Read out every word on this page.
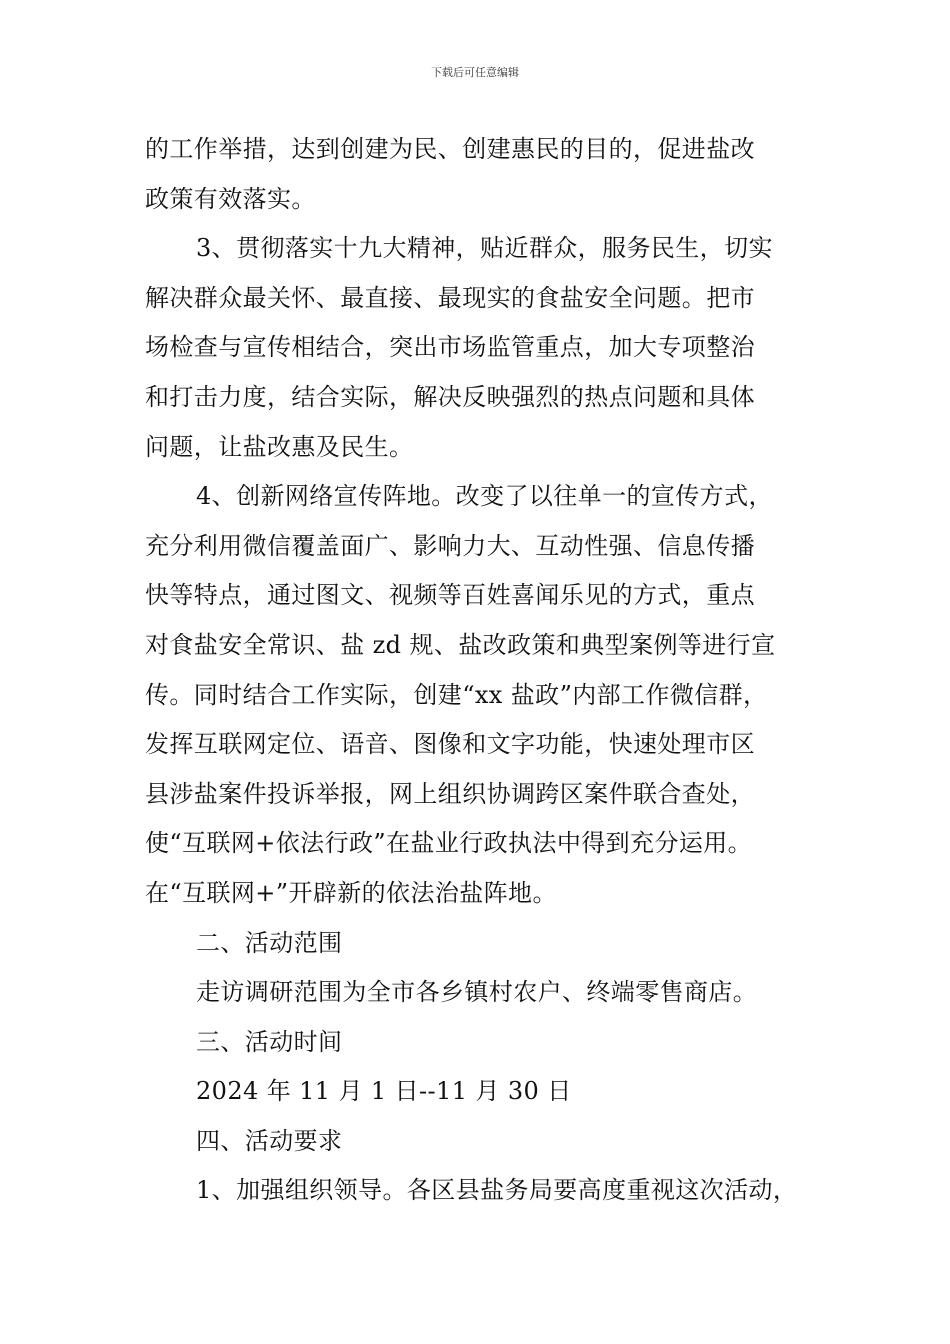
下载后可任意编辑
的工作举措，达到创建为民、创建惠民的目的，促进盐改
政策有效落实。
3、贯彻落实十九大精神，贴近群众，服务民生，切实
解决群众最关怀、最直接、最现实的食盐安全问题。把市
场检查与宣传相结合，突出市场监管重点，加大专项整治
和打击力度，结合实际，解决反映强烈的热点问题和具体
问题，让盐改惠及民生。
4、创新网络宣传阵地。改变了以往单一的宣传方式，
充分利用微信覆盖面广、影响力大、互动性强、信息传播
快等特点，通过图文、视频等百姓喜闻乐见的方式，重点
对食盐安全常识、盐 zd 规、盐改政策和典型案例等进行宣
传。同时结合工作实际，创建“xx 盐政”内部工作微信群，
发挥互联网定位、语音、图像和文字功能，快速处理市区
县涉盐案件投诉举报，网上组织协调跨区案件联合查处，
使“互联网+依法行政”在盐业行政执法中得到充分运用。
在“互联网+”开辟新的依法治盐阵地。
二、活动范围
走访调研范围为全市各乡镇村农户、终端零售商店。
三、活动时间
2024 年 11 月 1 日--11 月 30 日
四、活动要求
1、加强组织领导。各区县盐务局要高度重视这次活动，
